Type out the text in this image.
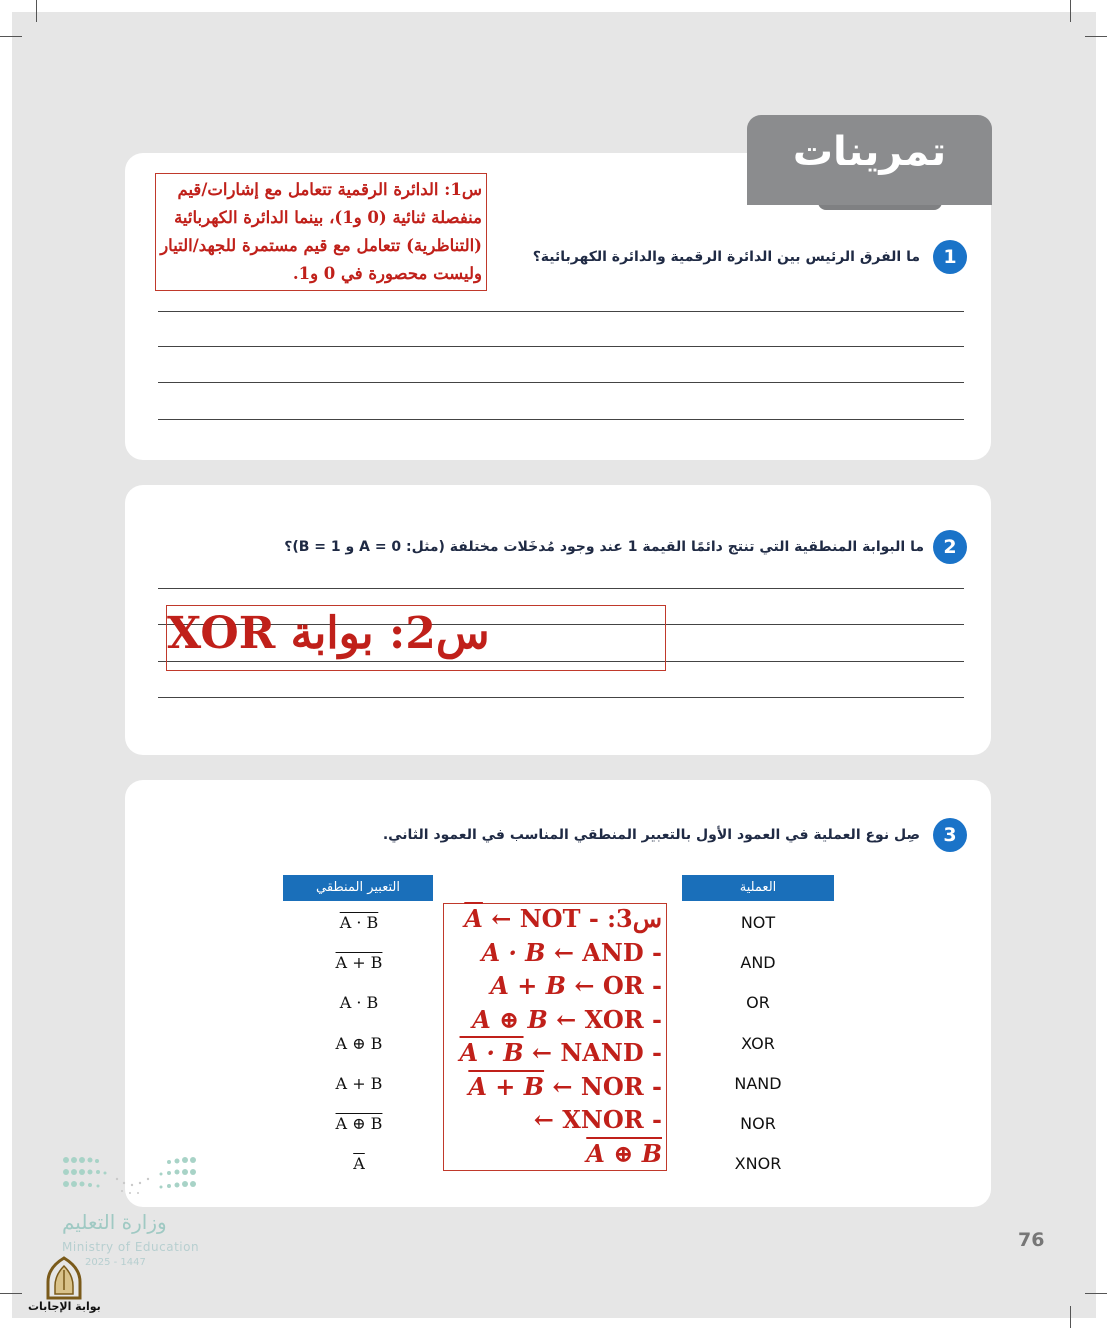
تمرينات
1
ما الفرق الرئيس بين الدائرة الرقمية والدائرة الكهربائية؟
س1: الدائرة الرقمية تتعامل مع إشارات/قيم
منفصلة ثنائية (0 و1)، بينما الدائرة الكهربائية
(التناظرية) تتعامل مع قيم مستمرة للجهد/التيار
وليست محصورة في 0 و1.
2
ما البوابة المنطقية التي تنتج دائمًا القيمة 1 عند وجود مُدخَلات مختلفة (مثل: A = 0 و B = 1)؟
س2: بوابة XOR
3
صِل نوع العملية في العمود الأول بالتعبير المنطقي المناسب في العمود الثاني.
التعبير المنطقي	العملية
$\overline{A}$ ← NOT س3: -
A · B ← AND -
A + B ← OR -
A ⊕ B ← XOR -
A · B ← NAND -
A + B ← NOR -
← XNOR -
A ⊕ B
وزارة التعليم
Ministry of Education
2025 - 1447
76
بوابة الإجابات
NOT
AND
OR
XOR
NAND
NOR
XNOR
A · B
A + B
A · B
A ⊕ B
A + B
A ⊕ B
$\overline{A}$
